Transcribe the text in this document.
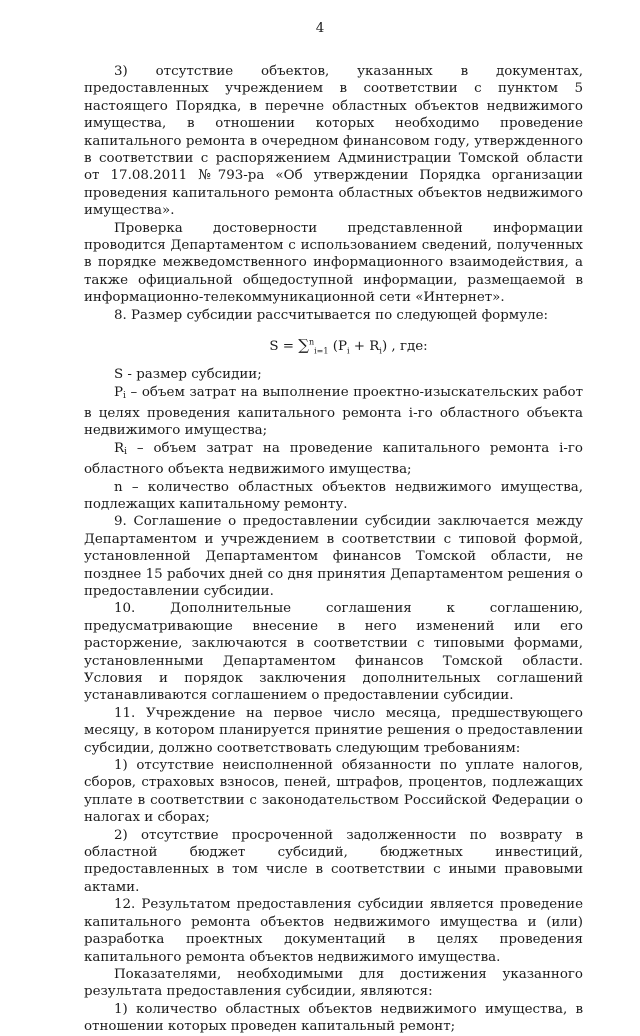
4

3) отсутствие объектов, указанных в документах, предоставленных учреждением в соответствии с пунктом 5 настоящего Порядка, в перечне областных объектов недвижимого имущества, в отношении которых необходимо проведение капитального ремонта в очередном финансовом году, утвержденного в соответствии с распоряжением Администрации Томской области от 17.08.2011 №793-ра «Об утверждении Порядка организации проведения капитального ремонта областных объектов недвижимого имущества».

Проверка достоверности представленной информации проводится Департаментом с использованием сведений, полученных в порядке межведомственного информационного взаимодействия, а также официальной общедоступной информации, размещаемой в информационно-телекоммуникационной сети «Интернет».

8. Размер субсидии рассчитывается по следующей формуле:

S = ∑$^n_{i=1}$ $(P_i + R_i)$ , где:

S - размер субсидии;

Pi – объем затрат на выполнение проектно-изыскательских работ в целях проведения капитального ремонта i-го областного объекта недвижимого имущества;

Ri – объем затрат на проведение капитального ремонта i-го областного объекта недвижимого имущества;

n – количество областных объектов недвижимого имущества, подлежащих капитальному ремонту.

9. Соглашение о предоставлении субсидии заключается между Департаментом и учреждением в соответствии с типовой формой, установленной Департаментом финансов Томской области, не позднее 15 рабочих дней со дня принятия Департаментом решения о предоставлении субсидии.

10. Дополнительные соглашения к соглашению, предусматривающие внесение в него изменений или его расторжение, заключаются в соответствии с типовыми формами, установленными Департаментом финансов Томской области. Условия и порядок заключения дополнительных соглашений устанавливаются соглашением о предоставлении субсидии.

11. Учреждение на первое число месяца, предшествующего месяцу, в котором планируется принятие решения о предоставлении субсидии, должно соответствовать следующим требованиям:

1) отсутствие неисполненной обязанности по уплате налогов, сборов, страховых взносов, пеней, штрафов, процентов, подлежащих уплате в соответствии с законодательством Российской Федерации о налогах и сборах;

2) отсутствие просроченной задолженности по возврату в областной бюджет субсидий, бюджетных инвестиций, предоставленных в том числе в соответствии с иными правовыми актами.

12. Результатом предоставления субсидии является проведение капитального ремонта объектов недвижимого имущества и (или) разработка проектных документаций в целях проведения капитального ремонта объектов недвижимого имущества.

Показателями, необходимыми для достижения указанного результата предоставления субсидии, являются:

1) количество областных объектов недвижимого имущества, в отношении которых проведен капитальный ремонт;
